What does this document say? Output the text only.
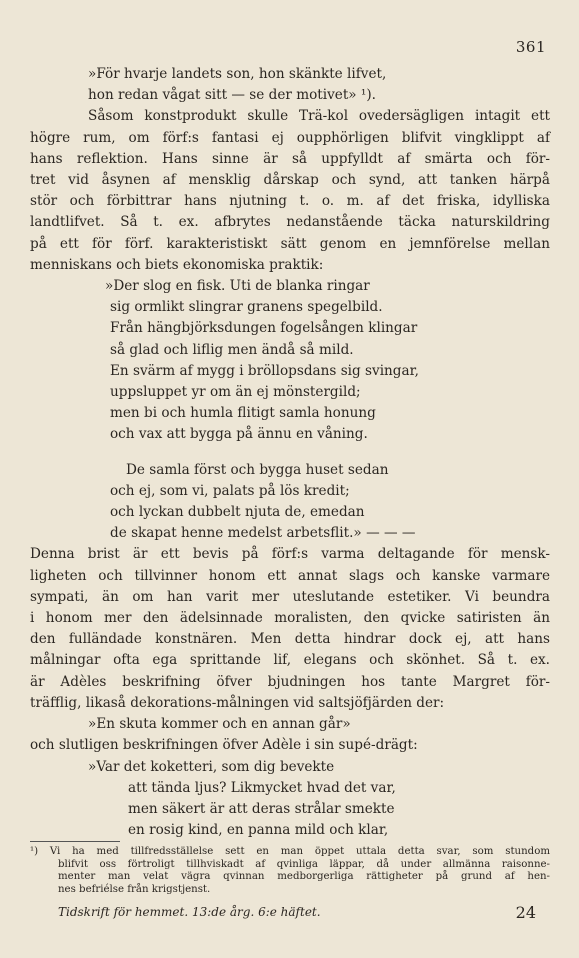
361
»För hvarje landets son, hon skänkte lifvet,
hon redan vågat sitt — se der motivet» ¹).
Såsom konstprodukt skulle Trä-kol ovedersägligen intagit ett
högre rum, om förf:s fantasi ej oupphörligen blifvit vingklippt af
hans reflektion. Hans sinne är så uppfylldt af smärta och för-
tret vid åsynen af mensklig dårskap och synd, att tanken härpå
stör och förbittrar hans njutning t. o. m. af det friska, idylliska
landtlifvet. Så t. ex. afbrytes nedanstående täcka naturskildring
på ett för förf. karakteristiskt sätt genom en jemnförelse mellan
menniskans och biets ekonomiska praktik:
»Der slog en fisk. Uti de blanka ringar
sig ormlikt slingrar granens spegelbild.
Från hängbjörksdungen fogelsången klingar
så glad och liflig men ändå så mild.
En svärm af mygg i bröllopsdans sig svingar,
uppsluppet yr om än ej mönstergild;
men bi och humla flitigt samla honung
och vax att bygga på ännu en våning.
De samla först och bygga huset sedan
och ej, som vi, palats på lös kredit;
och lyckan dubbelt njuta de, emedan
de skapat henne medelst arbetsflit.» — — —
Denna brist är ett bevis på förf:s varma deltagande för mensk-
ligheten och tillvinner honom ett annat slags och kanske varmare
sympati, än om han varit mer uteslutande estetiker. Vi beundra
i honom mer den ädelsinnade moralisten, den qvicke satiristen än
den fulländade konstnären. Men detta hindrar dock ej, att hans
målningar ofta ega sprittande lif, elegans och skönhet. Så t. ex.
är Adèles beskrifning öfver bjudningen hos tante Margret för-
träfflig, likaså dekorations-målningen vid saltsjöfjärden der:
»En skuta kommer och en annan går»
och slutligen beskrifningen öfver Adèle i sin supé-drägt:
»Var det koketteri, som dig bevekte
att tända ljus? Likmycket hvad det var,
men säkert är att deras strålar smekte
en rosig kind, en panna mild och klar,
¹) Vi ha med tillfredsställelse sett en man öppet uttala detta svar, som stundom
blifvit oss förtroligt tillhviskadt af qvinliga läppar, då under allmänna raisonne-
menter man velat vägra qvinnan medborgerliga rättigheter på grund af hen-
nes befriélse från krigstjenst.
Tidskrift för hemmet. 13:de årg. 6:e häftet.	24
